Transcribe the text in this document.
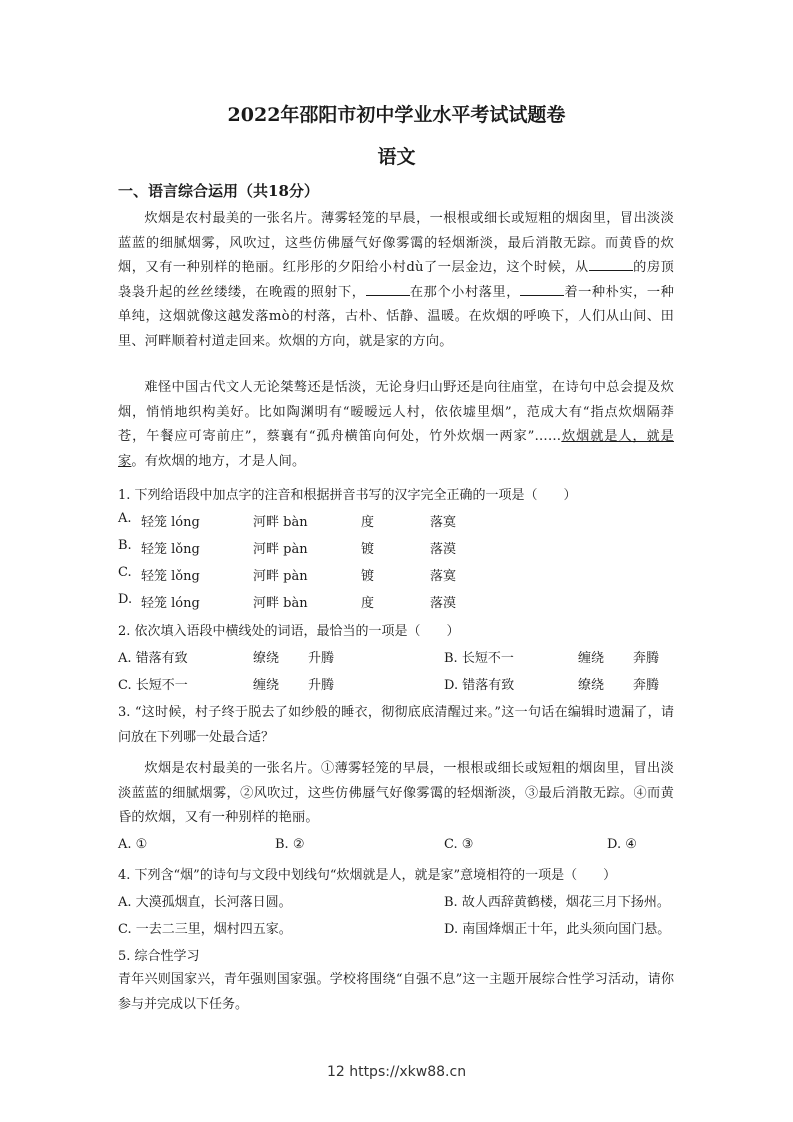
2022年邵阳市初中学业水平考试试题卷
语文
一、语言综合运用（共18分）
炊烟是农村最美的一张名片。薄雾轻笼的早晨，一根根或细长或短粗的烟囱里，冒出淡淡蓝蓝的细腻烟雾，风吹过，这些仿佛蜃气好像雾霭的轻烟渐淡，最后消散无踪。而黄昏的炊烟，又有一种别样的艳丽。红彤彤的夕阳给小村dù了一层金边，这个时候，从	的房顶袅袅升起的丝丝缕缕，在晚霞的照射下，	在那个小村落里，	着一种朴实，一种单纯，这烟就像这越发落mò的村落，古朴、恬静、温暖。在炊烟的呼唤下，人们从山间、田里、河畔顺着村道走回来。炊烟的方向，就是家的方向。
难怪中国古代文人无论桀骜还是恬淡，无论身归山野还是向往庙堂，在诗句中总会提及炊烟，悄悄地织构美好。比如陶渊明有“暧暧远人村，依依墟里烟”，范成大有“指点炊烟隔莽苍，午餐应可寄前庄”，蔡襄有“孤舟横笛向何处，竹外炊烟一两家”……炊烟就是人，就是家。有炊烟的地方，才是人间。
1. 下列给语段中加点字的注音和根据拼音书写的汉字完全正确的一项是（　　）
A. 轻笼 lóng	河畔 bàn	度	落寞
B. 轻笼 lǒng	河畔 pàn	镀	落漠
C. 轻笼 lǒng	河畔 pàn	镀	落寞
D. 轻笼 lóng	河畔 bàn	度	落漠
2. 依次填入语段中横线处的词语，最恰当的一项是（　　）
A. 错落有致	缭绕 升腾	B. 长短不一	缠绕 奔腾
C. 长短不一	缠绕 升腾	D. 错落有致	缭绕 奔腾
3. “这时候，村子终于脱去了如纱般的睡衣，彻彻底底清醒过来。”这一句话在编辑时遗漏了，请问放在下列哪一处最合适？
炊烟是农村最美的一张名片。①薄雾轻笼的早晨，一根根或细长或短粗的烟囱里，冒出淡淡蓝蓝的细腻烟雾，②风吹过，这些仿佛蜃气好像雾霭的轻烟渐淡，③最后消散无踪。④而黄昏的炊烟，又有一种别样的艳丽。
A. ①	B. ②	C. ③	D. ④
4. 下列含“烟”的诗句与文段中划线句“炊烟就是人，就是家”意境相符的一项是（　　）
A. 大漠孤烟直，长河落日圆。	B. 故人西辞黄鹤楼，烟花三月下扬州。
C. 一去二三里，烟村四五家。	D. 南国烽烟正十年，此头须向国门悬。
5. 综合性学习
青年兴则国家兴，青年强则国家强。学校将围绕“自强不息”这一主题开展综合性学习活动，请你参与并完成以下任务。
12 https://xkw88.cn
